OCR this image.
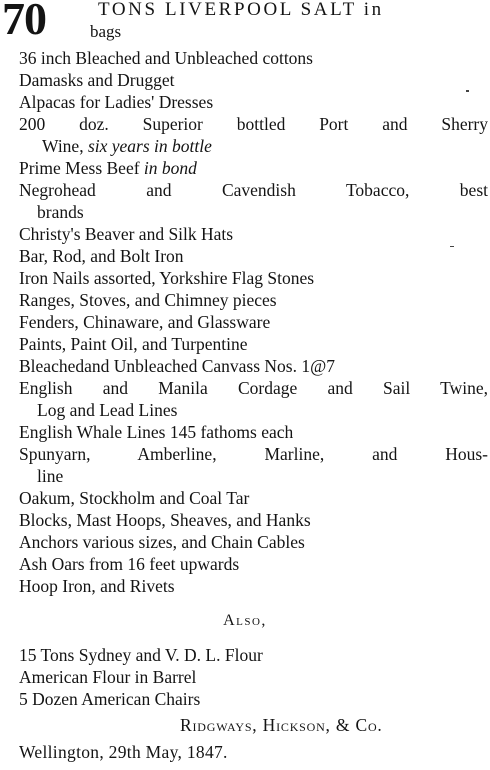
70	TONS LIVERPOOL SALT in
bags
36 inch Bleached and Unbleached cottons
Damasks and Drugget
Alpacas for Ladies' Dresses
200 doz. Superior bottled Port and Sherry
Wine, six years in bottle
Prime Mess Beef in bond
Negrohead and Cavendish Tobacco, best
brands
Christy's Beaver and Silk Hats
Bar, Rod, and Bolt Iron
Iron Nails assorted, Yorkshire Flag Stones
Ranges, Stoves, and Chimney pieces
Fenders, Chinaware, and Glassware
Paints, Paint Oil, and Turpentine
Bleachedand Unbleached Canvass Nos. 1@7
English and Manila Cordage and Sail Twine,
Log and Lead Lines
English Whale Lines 145 fathoms each
Spunyarn, Amberline, Marline, and Hous-
line
Oakum, Stockholm and Coal Tar
Blocks, Mast Hoops, Sheaves, and Hanks
Anchors various sizes, and Chain Cables
Ash Oars from 16 feet upwards
Hoop Iron, and Rivets
Also,
15 Tons Sydney and V. D. L. Flour
American Flour in Barrel
5 Dozen American Chairs
Ridgways, Hickson, & Co.
Wellington, 29th May, 1847.
